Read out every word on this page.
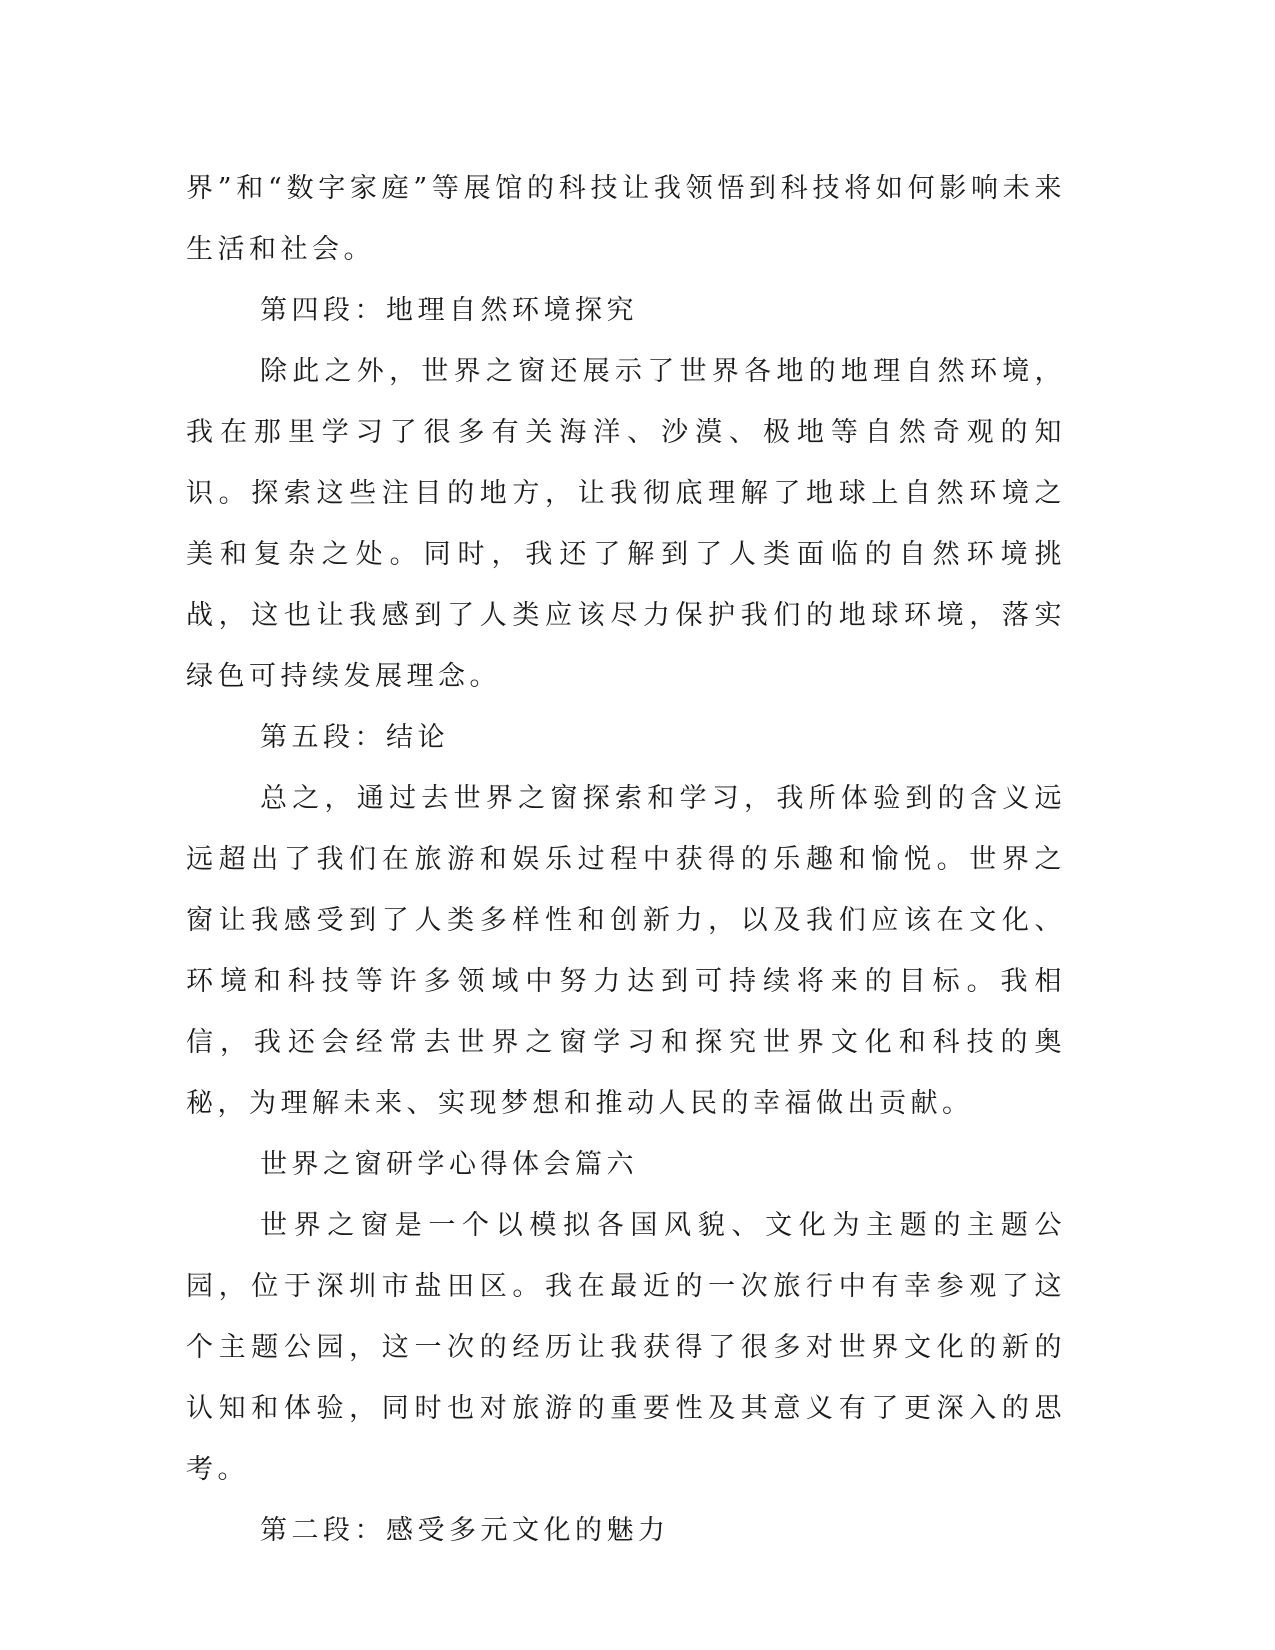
界”和“数字家庭”等展馆的科技让我领悟到科技将如何影响未来生活和社会。

第四段：地理自然环境探究

除此之外，世界之窗还展示了世界各地的地理自然环境，我在那里学习了很多有关海洋、沙漠、极地等自然奇观的知识。探索这些注目的地方，让我彻底理解了地球上自然环境之美和复杂之处。同时，我还了解到了人类面临的自然环境挑战，这也让我感到了人类应该尽力保护我们的地球环境，落实绿色可持续发展理念。

第五段：结论

总之，通过去世界之窗探索和学习，我所体验到的含义远远超出了我们在旅游和娱乐过程中获得的乐趣和愉悦。世界之窗让我感受到了人类多样性和创新力，以及我们应该在文化、环境和科技等许多领域中努力达到可持续将来的目标。我相信，我还会经常去世界之窗学习和探究世界文化和科技的奥秘，为理解未来、实现梦想和推动人民的幸福做出贡献。

世界之窗研学心得体会篇六

世界之窗是一个以模拟各国风貌、文化为主题的主题公园，位于深圳市盐田区。我在最近的一次旅行中有幸参观了这个主题公园，这一次的经历让我获得了很多对世界文化的新的认知和体验，同时也对旅游的重要性及其意义有了更深入的思考。

第二段：感受多元文化的魅力
